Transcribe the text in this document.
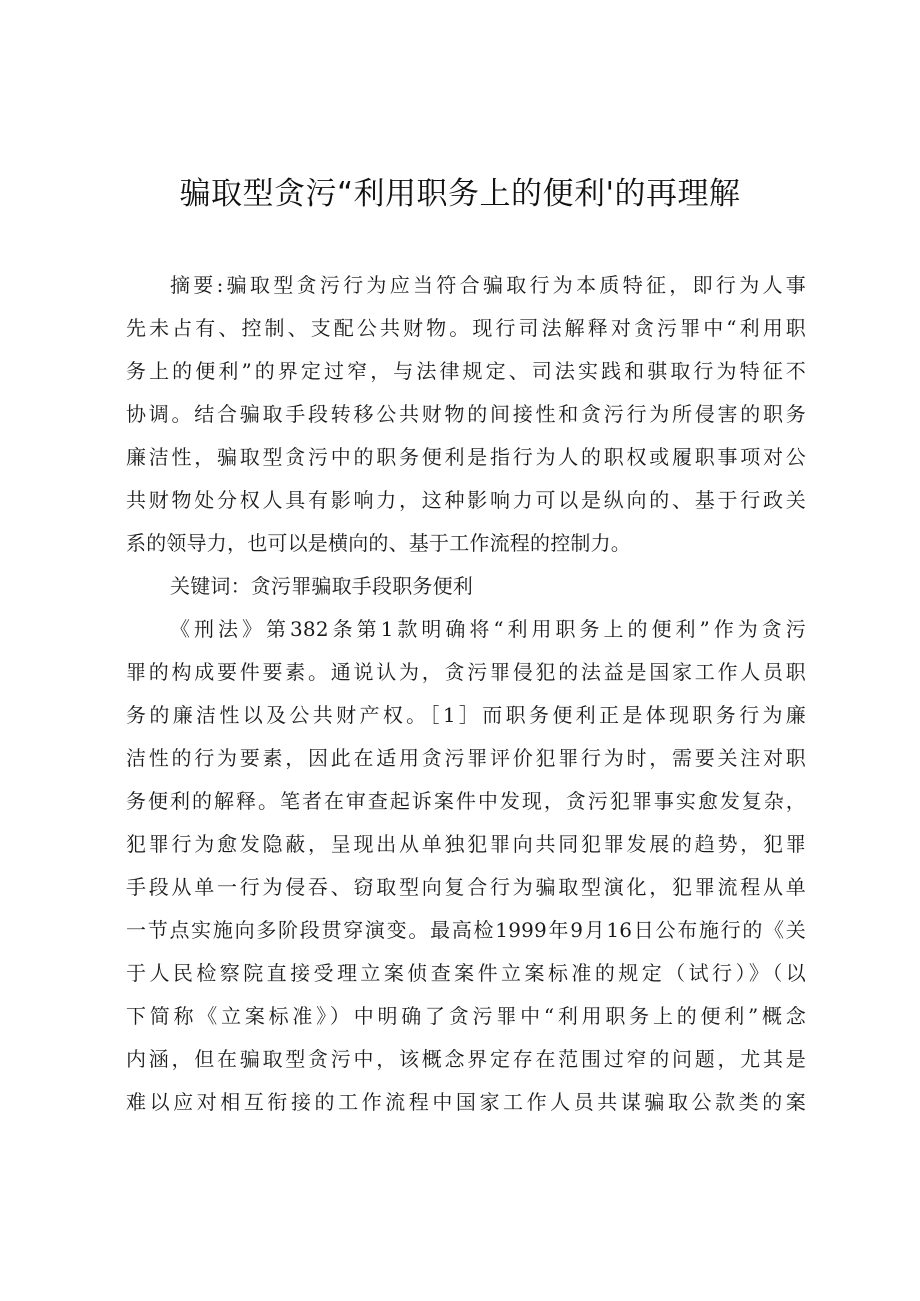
骗取型贪污“利用职务上的便利'的再理解
摘要:骗取型贪污行为应当符合骗取行为本质特征，即行为人事
先未占有、控制、支配公共财物。现行司法解释对贪污罪中“利用职
务上的便利”的界定过窄，与法律规定、司法实践和骐取行为特征不
协调。结合骗取手段转移公共财物的间接性和贪污行为所侵害的职务
廉洁性，骗取型贪污中的职务便利是指行为人的职权或履职事项对公
共财物处分权人具有影响力，这种影响力可以是纵向的、基于行政关
系的领导力，也可以是横向的、基于工作流程的控制力。
关键词：贪污罪骗取手段职务便利
《刑法》第382条第1款明确将“利用职务上的便利”作为贪污
罪的构成要件要素。通说认为，贪污罪侵犯的法益是国家工作人员职
务的廉洁性以及公共财产权。［1］而职务便利正是体现职务行为廉
洁性的行为要素，因此在适用贪污罪评价犯罪行为时，需要关注对职
务便利的解释。笔者在审查起诉案件中发现，贪污犯罪事实愈发复杂，
犯罪行为愈发隐蔽，呈现出从单独犯罪向共同犯罪发展的趋势，犯罪
手段从单一行为侵吞、窃取型向复合行为骗取型演化，犯罪流程从单
一节点实施向多阶段贯穿演变。最高检1999年9月16日公布施行的《关
于人民检察院直接受理立案侦查案件立案标准的规定（试行）》（以
下简称《立案标准》）中明确了贪污罪中“利用职务上的便利”概念
内涵，但在骗取型贪污中，该概念界定存在范围过窄的问题，尤其是
难以应对相互衔接的工作流程中国家工作人员共谋骗取公款类的案
